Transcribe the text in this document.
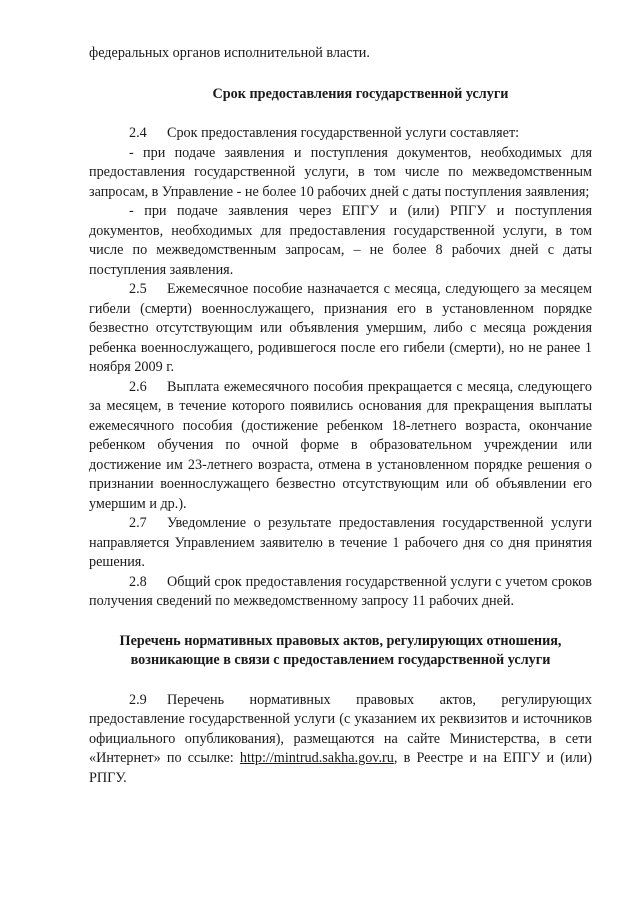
федеральных органов исполнительной власти.

Срок предоставления государственной услуги

2.4 Срок предоставления государственной услуги составляет:

- при подаче заявления и поступления документов, необходимых для предоставления государственной услуги, в том числе по межведомственным запросам, в Управление - не более 10 рабочих дней с даты поступления заявления;

- при подаче заявления через ЕПГУ и (или) РПГУ и поступления документов, необходимых для предоставления государственной услуги, в том числе по межведомственным запросам, – не более 8 рабочих дней с даты поступления заявления.

2.5 Ежемесячное пособие назначается с месяца, следующего за месяцем гибели (смерти) военнослужащего, признания его в установленном порядке безвестно отсутствующим или объявления умершим, либо с месяца рождения ребенка военнослужащего, родившегося после его гибели (смерти), но не ранее 1 ноября 2009 г.

2.6 Выплата ежемесячного пособия прекращается с месяца, следующего за месяцем, в течение которого появились основания для прекращения выплаты ежемесячного пособия (достижение ребенком 18-летнего возраста, окончание ребенком обучения по очной форме в образовательном учреждении или достижение им 23-летнего возраста, отмена в установленном порядке решения о признании военнослужащего безвестно отсутствующим или об объявлении его умершим и др.).

2.7 Уведомление о результате предоставления государственной услуги направляется Управлением заявителю в течение 1 рабочего дня со дня принятия решения.

2.8 Общий срок предоставления государственной услуги с учетом сроков получения сведений по межведомственному запросу 11 рабочих дней.

Перечень нормативных правовых актов, регулирующих отношения,
возникающие в связи с предоставлением государственной услуги

2.9 Перечень нормативных правовых актов, регулирующих предоставление государственной услуги (с указанием их реквизитов и источников официального опубликования), размещаются на сайте Министерства, в сети «Интернет» по ссылке: http://mintrud.sakha.gov.ru, в Реестре и на ЕПГУ и (или) РПГУ.
